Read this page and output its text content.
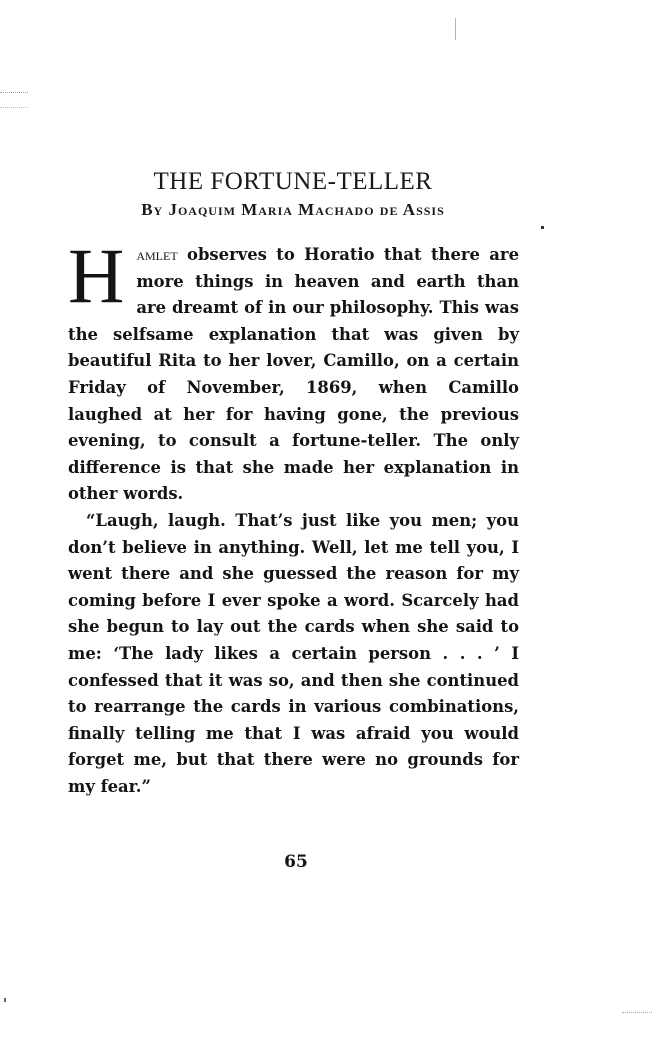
THE FORTUNE-TELLER
By Joaquim Maria Machado de Assis

Hamlet observes to Horatio that there are more things in heaven and earth than are dreamt of in our philosophy. This was the selfsame explanation that was given by beautiful Rita to her lover, Camillo, on a certain Friday of November, 1869, when Camillo laughed at her for having gone, the previous evening, to consult a fortune-teller. The only difference is that she made her explanation in other words.

“Laugh, laugh. That’s just like you men; you don’t believe in anything. Well, let me tell you, I went there and she guessed the reason for my coming before I ever spoke a word. Scarcely had she begun to lay out the cards when she said to me: ‘The lady likes a certain person . . . ’ I confessed that it was so, and then she continued to rearrange the cards in various combinations, finally telling me that I was afraid you would forget me, but that there were no grounds for my fear.”

65
